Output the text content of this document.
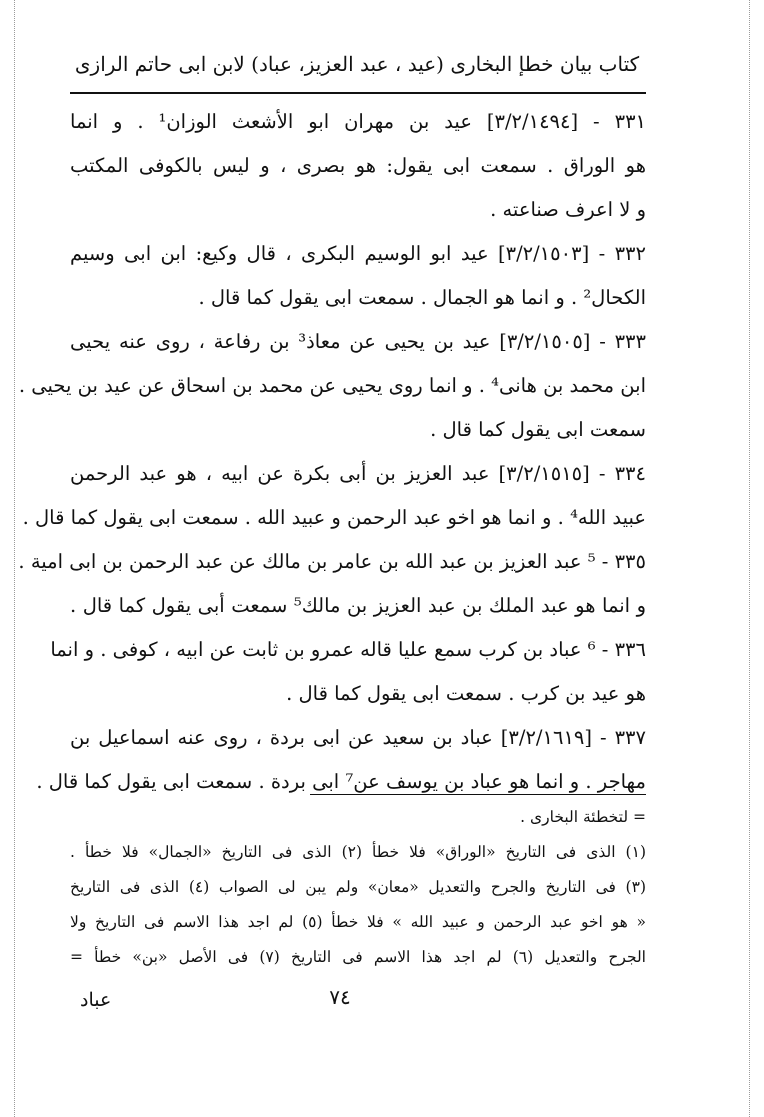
كتاب بيان خطإ البخارى (عيد ، عبد العزيز، عباد) لابن ابى حاتم الرازى
٣٣١ - [٣/٢/١٤٩٤] عيد بن مهران ابو الأشعث الوزان¹ . و انما
هو الوراق . سمعت ابى يقول: هو بصرى ، و ليس بالكوفى المكتب
و لا اعرف صناعته .
٣٣٢ - [٣/٢/١٥٠٣] عيد ابو الوسيم البكرى ، قال وكيع: ابن ابى وسيم
الكحال² . و انما هو الجمال . سمعت ابى يقول كما قال .
٣٣٣ - [٣/٢/١٥٠٥] عيد بن يحيى عن معاذ³ بن رفاعة ، روى عنه يحيى
ابن محمد بن هانى⁴ . و انما روى يحيى عن محمد بن اسحاق عن عيد بن يحيى .
سمعت ابى يقول كما قال .
٣٣٤ - [٣/٢/١٥١٥] عبد العزيز بن أبى بكرة عن ابيه ، هو عبد الرحمن
عبيد الله⁴ . و انما هو اخو عبد الرحمن و عبيد الله . سمعت ابى يقول كما قال .
٣٣٥ - ⁵ عبد العزيز بن عبد الله بن عامر بن مالك عن عبد الرحمن بن ابى امية .
و انما هو عبد الملك بن عبد العزيز بن مالك⁵ سمعت أبى يقول كما قال .
٣٣٦ - ⁶ عباد بن كرب سمع عليا قاله عمرو بن ثابت عن ابيه ، كوفى . و انما
هو عيد بن كرب . سمعت ابى يقول كما قال .
٣٣٧ - [٣/٢/١٦١٩] عباد بن سعيد عن ابى بردة ، روى عنه اسماعيل بن
مهاجر . و انما هو عباد بن يوسف عن⁷ ابى بردة . سمعت ابى يقول كما قال .
= لتخطئة البخارى .
(١) الذى فى التاريخ «الوراق» فلا خطأ (٢) الذى فى التاريخ «الجمال» فلا خطأ .
(٣) فى التاريخ والجرح والتعديل «معان» ولم يبن لى الصواب (٤) الذى فى التاريخ
« هو اخو عبد الرحمن و عبيد الله » فلا خطأ (٥) لم اجد هذا الاسم فى التاريخ ولا
الجرح والتعديل (٦) لم اجد هذا الاسم فى التاريخ (٧) فى الأصل «بن» خطأ =
٧٤
عباد
